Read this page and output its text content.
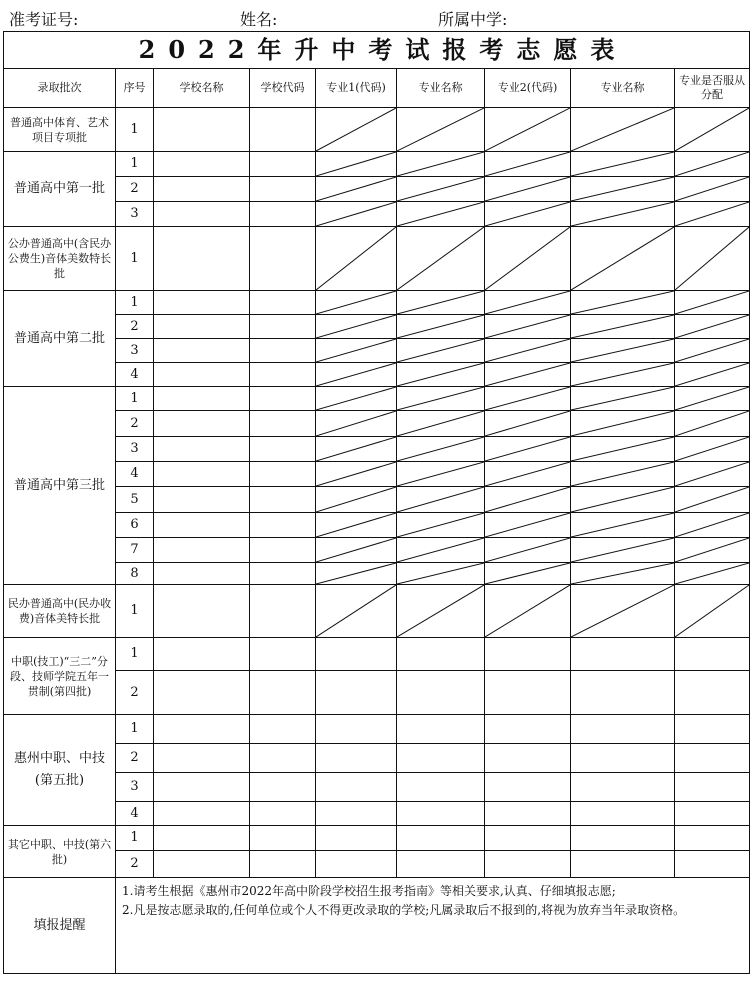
准考证号:	姓名:	所属中学:
2022年升中考试报考志愿表								
录取批次	序号	学校名称	学校代码	专业1(代码)	专业名称	专业2(代码)	专业名称	专业是否服从分配
普通高中体育、艺术项目专项批	1			

普通高中第一批	1			

	2			

	3			

公办普通高中(含民办公费生)音体美数特长批	1			

普通高中第二批	1			

	2			

	3			

	4			

普通高中第三批	1			

	2			

	3			

	4			

	5			

	6			

	7			

	8			

民办普通高中(民办收费)音体美特长批	1			

中职(技工)“三二”分段、技师学院五年一贯制(第四批)	1							
	2							
惠州中职、中技(第五批)	1							
	2							
	3							
	4							
其它中职、中技(第六批)	1							
	2							
填报提醒	1.请考生根据《惠州市2022年高中阶段学校招生报考指南》等相关要求,认真、仔细填报志愿;
2.凡是按志愿录取的,任何单位或个人不得更改录取的学校;凡属录取后不报到的,将视为放弃当年录取资格。							
